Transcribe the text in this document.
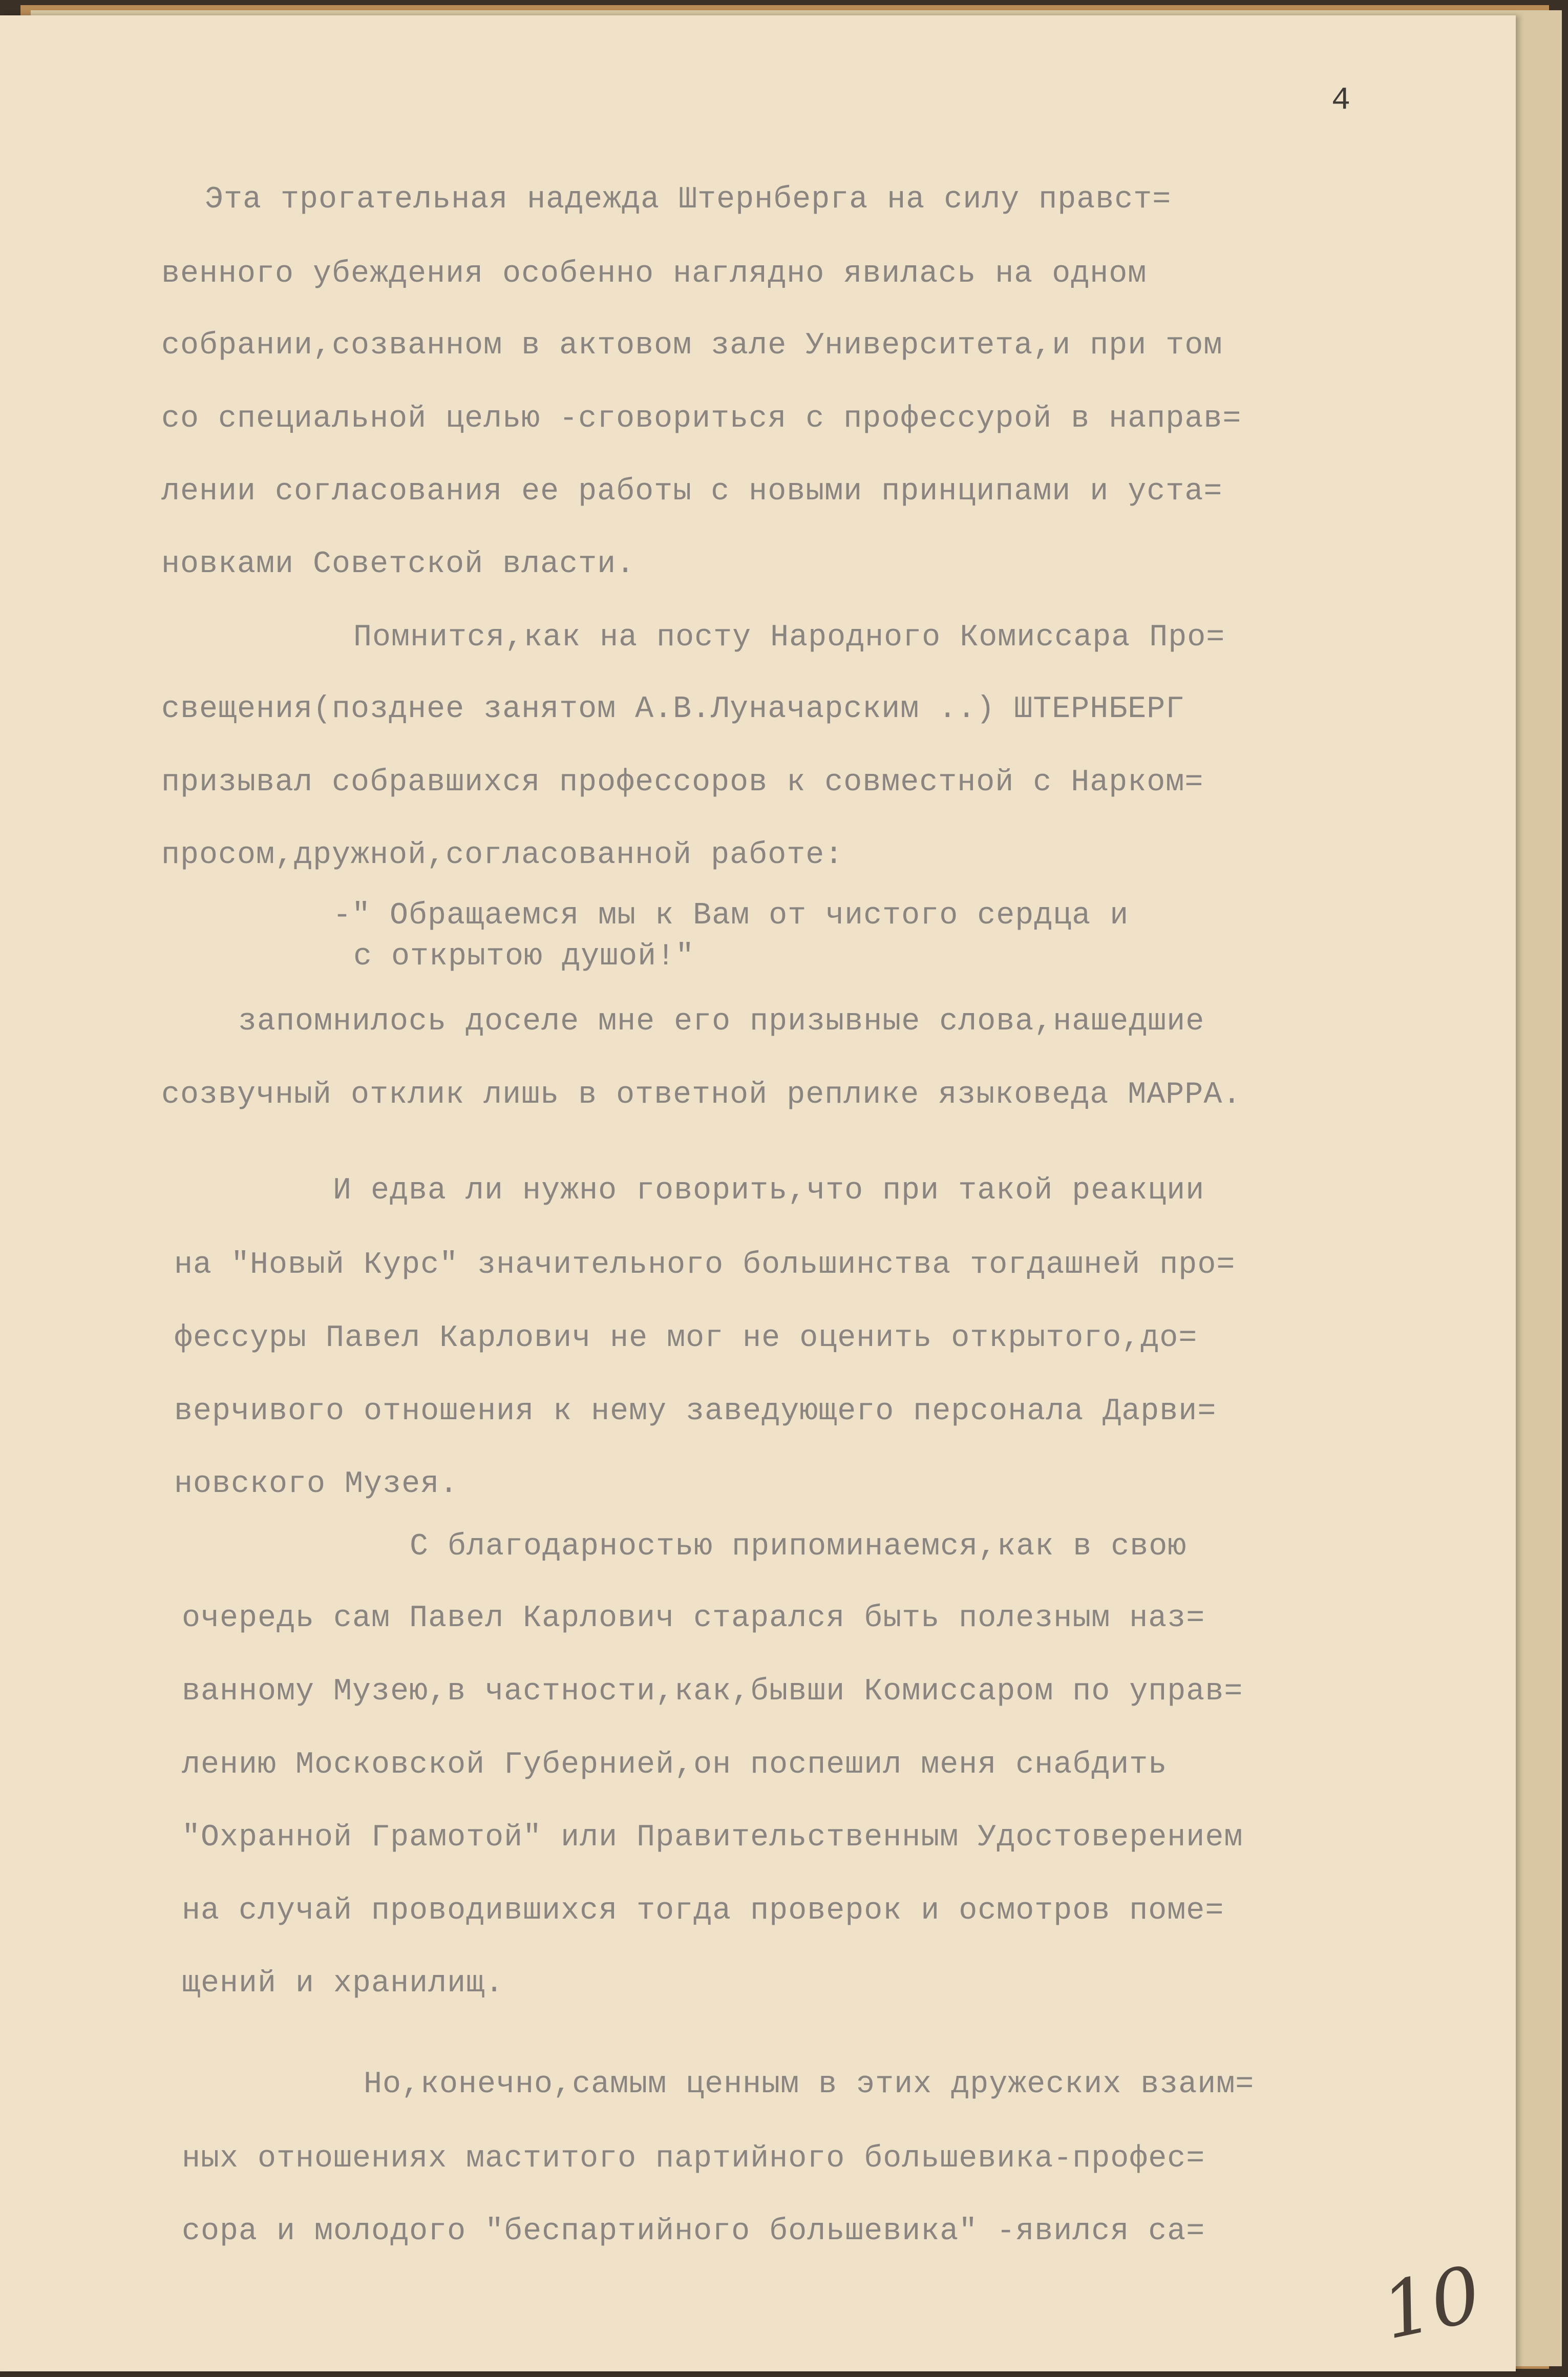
4
Эта трогательная надежда Штернберга на силу правст=
венного убеждения особенно наглядно явилась на одном
собрании,созванном в актовом зале Университета,и при том
со специальной целью -сговориться с профессурой в направ=
лении согласования ее работы с новыми принципами и уста=
новками Советской власти.
Помнится,как на посту Народного Комиссара Про=
свещения(позднее занятом А.В.Луначарским ..) ШТЕРНБЕРГ
призывал собравшихся профессоров к совместной с Нарком=
просом,дружной,согласованной работе:
-" Обращаемся мы к Вам от чистого сердца и
с открытою душой!"
запомнилось доселе мне его призывные слова,нашедшие
созвучный отклик лишь в ответной реплике языковеда МАРРА.
И едва ли нужно говорить,что при такой реакции
на "Новый Курс" значительного большинства тогдашней про=
фессуры Павел Карлович не мог не оценить открытого,до=
верчивого отношения к нему заведующего персонала Дарви=
новского Музея.
С благодарностью припоминаемся,как в свою
очередь сам Павел Карлович старался быть полезным наз=
ванному Музею,в частности,как,бывши Комиссаром по управ=
лению Московской Губернией,он поспешил меня снабдить
"Охранной Грамотой" или Правительственным Удостоверением
на случай проводившихся тогда проверок и осмотров поме=
щений и хранилищ.
Но,конечно,самым ценным в этих дружеских взаим=
ных отношениях маститого партийного большевика-профес=
сора и молодого "беспартийного большевика" -явился са=
10
